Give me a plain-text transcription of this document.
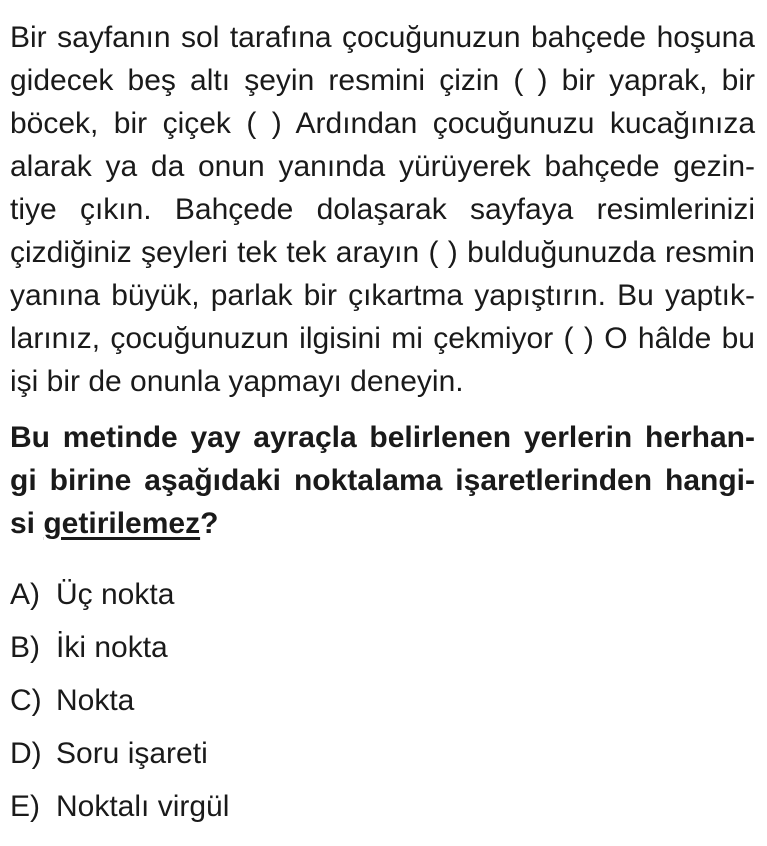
Bir sayfanın sol tarafına çocuğunuzun bahçede hoşuna
gidecek beş altı şeyin resmini çizin ( ) bir yaprak, bir
böcek, bir çiçek ( ) Ardından çocuğunuzu kucağınıza
alarak ya da onun yanında yürüyerek bahçede gezin-
tiye çıkın. Bahçede dolaşarak sayfaya resimlerinizi
çizdiğiniz şeyleri tek tek arayın ( ) bulduğunuzda resmin
yanına büyük, parlak bir çıkartma yapıştırın. Bu yaptık-
larınız, çocuğunuzun ilgisini mi çekmiyor ( ) O hâlde bu
işi bir de onunla yapmayı deneyin.
Bu metinde yay ayraçla belirlenen yerlerin herhan-
gi birine aşağıdaki noktalama işaretlerinden hangi-
si getirilemez?
A) Üç nokta
B) İki nokta
C) Nokta
D) Soru işareti
E) Noktalı virgül
